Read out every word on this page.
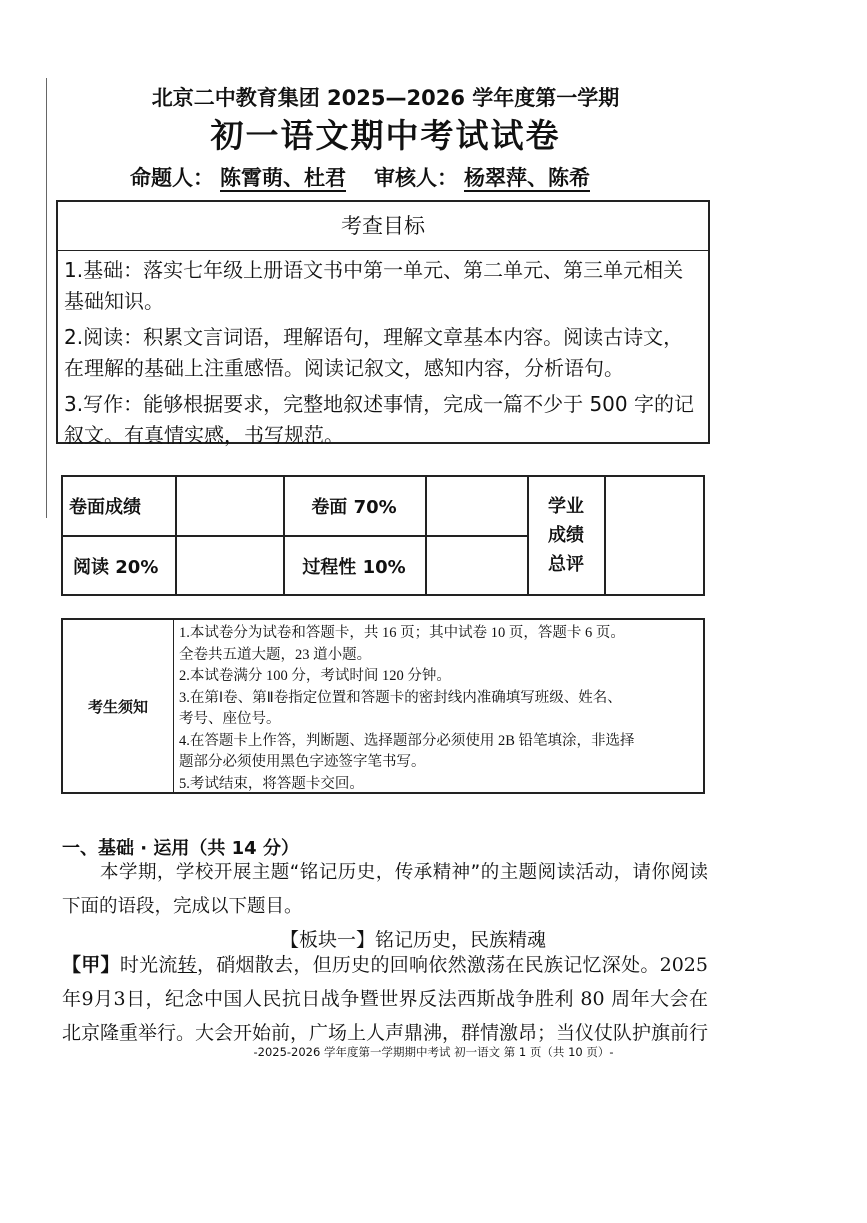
北京二中教育集团 2025—2026 学年度第一学期
初一语文期中考试试卷
命题人： 陈霄萌、杜君 审核人： 杨翠萍、陈希
考查目标

1.基础：落实七年级上册语文书中第一单元、第二单元、第三单元相关基础知识。

2.阅读：积累文言词语，理解语句，理解文章基本内容。阅读古诗文，在理解的基础上注重感悟。阅读记叙文，感知内容，分析语句。

3.写作：能够根据要求，完整地叙述事情，完成一篇不少于 500 字的记叙文。有真情实感，书写规范。

卷面成绩	卷面 70%
阅读 20%	过程性 10%
学业
成绩
总评
考生须知
1.本试卷分为试卷和答题卡，共 16 页；其中试卷 10 页，答题卡 6 页。
全卷共五道大题，23 道小题。
2.本试卷满分 100 分，考试时间 120 分钟。
3.在第Ⅰ卷、第Ⅱ卷指定位置和答题卡的密封线内准确填写班级、姓名、
考号、座位号。
4.在答题卡上作答，判断题、选择题部分必须使用 2B 铅笔填涂，非选择
题部分必须使用黑色字迹签字笔书写。
5.考试结束，将答题卡交回。
一、基础 · 运用（共 14 分）
本学期，学校开展主题“铭记历史，传承精神”的主题阅读活动，请你阅读下面的语段，完成以下题目。
【板块一】铭记历史，民族精魂
【甲】时光流转，硝烟散去，但历史的回响依然激荡在民族记忆深处。2025年9月3日，纪念中国人民抗日战争暨世界反法西斯战争胜利 80 周年大会在北京隆重举行。大会开始前，广场上人声鼎沸，群情激昂；当仪仗队护旗前行
-2025-2026 学年度第一学期期中考试 初一语文 第 1 页（共 10 页）-
